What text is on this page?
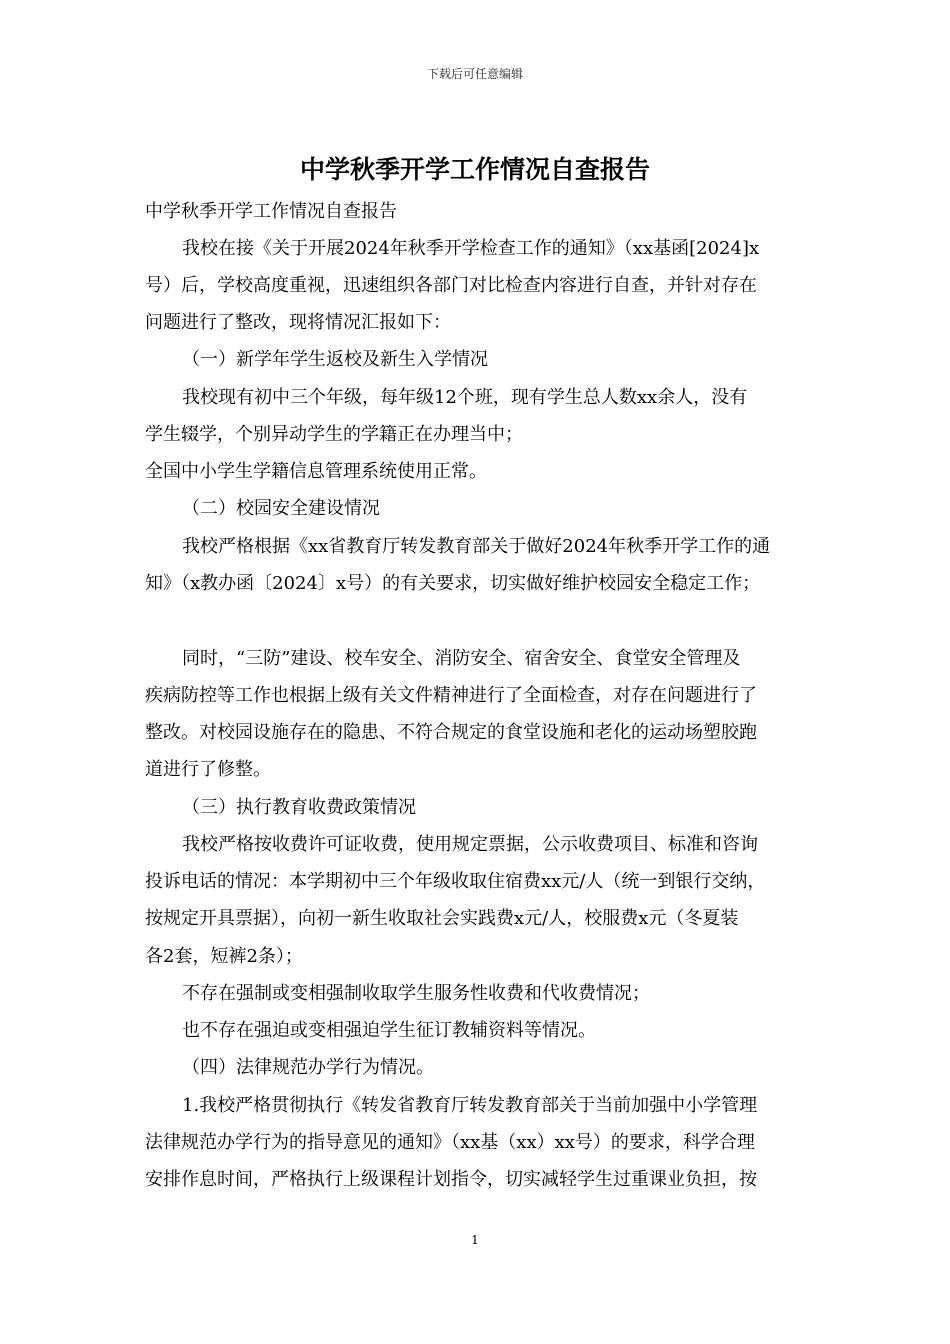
下载后可任意编辑
中学秋季开学工作情况自查报告
中学秋季开学工作情况自查报告
我校在接《关于开展2024年秋季开学检查工作的通知》（xx基函[2024]x
号）后，学校高度重视，迅速组织各部门对比检查内容进行自查，并针对存在
问题进行了整改，现将情况汇报如下：
（一）新学年学生返校及新生入学情况
我校现有初中三个年级，每年级12个班，现有学生总人数xx余人，没有
学生辍学，个别异动学生的学籍正在办理当中；
全国中小学生学籍信息管理系统使用正常。
（二）校园安全建设情况
我校严格根据《xx省教育厅转发教育部关于做好2024年秋季开学工作的通
知》（x教办函〔2024〕x号）的有关要求，切实做好维护校园安全稳定工作；
同时，“三防”建设、校车安全、消防安全、宿舍安全、食堂安全管理及
疾病防控等工作也根据上级有关文件精神进行了全面检查，对存在问题进行了
整改。对校园设施存在的隐患、不符合规定的食堂设施和老化的运动场塑胶跑
道进行了修整。
（三）执行教育收费政策情况
我校严格按收费许可证收费，使用规定票据，公示收费项目、标准和咨询
投诉电话的情况：本学期初中三个年级收取住宿费xx元/人（统一到银行交纳，
按规定开具票据），向初一新生收取社会实践费x元/人，校服费x元（冬夏装
各2套，短裤2条）；
不存在强制或变相强制收取学生服务性收费和代收费情况；
也不存在强迫或变相强迫学生征订教辅资料等情况。
（四）法律规范办学行为情况。
1.我校严格贯彻执行《转发省教育厅转发教育部关于当前加强中小学管理
法律规范办学行为的指导意见的通知》（xx基（xx）xx号）的要求，科学合理
安排作息时间，严格执行上级课程计划指令，切实减轻学生过重课业负担，按
1
